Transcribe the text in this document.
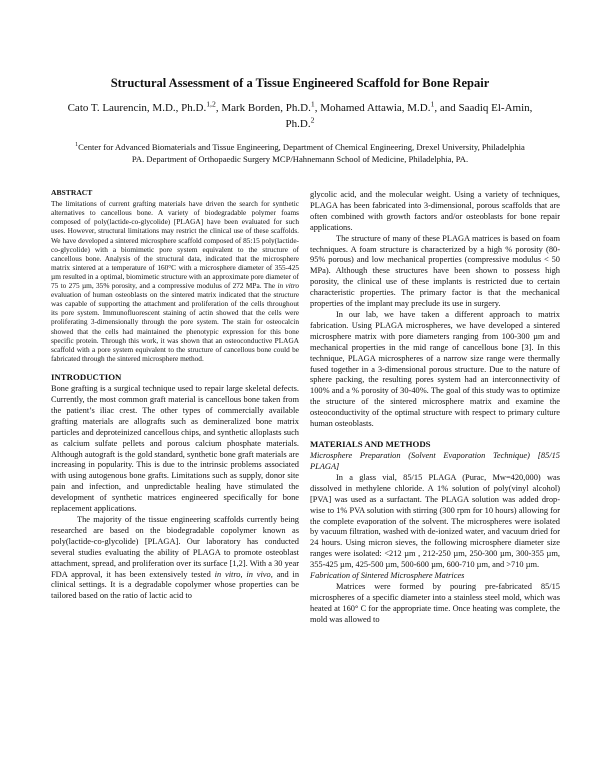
Structural Assessment of a Tissue Engineered Scaffold for Bone Repair

Cato T. Laurencin, M.D., Ph.D.$^{1,2}$, Mark Borden, Ph.D.$^1$, Mohamed Attawia, M.D.$^1$, and Saadiq El-Amin, Ph.D.$^2$

$^1$Center for Advanced Biomaterials and Tissue Engineering, Department of Chemical Engineering, Drexel University, Philadelphia PA. Department of Orthopaedic Surgery MCP/Hahnemann School of Medicine, Philadelphia, PA.

ABSTRACT

The limitations of current grafting materials have driven the search for synthetic alternatives to cancellous bone. A variety of biodegradable polymer foams composed of poly(lactide-co-glycolide) [PLAGA] have been evaluated for such uses. However, structural limitations may restrict the clinical use of these scaffolds. We have developed a sintered microsphere scaffold composed of 85:15 poly(lactide-co-glycolide) with a biomimetic pore system equivalent to the structure of cancellous bone. Analysis of the structural data, indicated that the microsphere matrix sintered at a temperature of 160°C with a microsphere diameter of 355-425 µm resulted in a optimal, biomimetic structure with an approximate pore diameter of 75 to 275 µm, 35% porosity, and a compressive modulus of 272 MPa. The in vitro evaluation of human osteoblasts on the sintered matrix indicated that the structure was capable of supporting the attachment and proliferation of the cells throughout its pore system. Immunofluorescent staining of actin showed that the cells were proliferating 3-dimensionally through the pore system. The stain for osteocalcin showed that the cells had maintained the phenotypic expression for this bone specific protein. Through this work, it was shown that an osteoconductive PLAGA scaffold with a pore system equivalent to the structure of cancellous bone could be fabricated through the sintered microsphere method.

INTRODUCTION

Bone grafting is a surgical technique used to repair large skeletal defects. Currently, the most common graft material is cancellous bone taken from the patient’s iliac crest. The other types of commercially available grafting materials are allografts such as demineralized bone matrix particles and deproteinized cancellous chips, and synthetic alloplasts such as calcium sulfate pellets and porous calcium phosphate materials. Although autograft is the gold standard, synthetic bone graft materials are increasing in popularity. This is due to the intrinsic problems associated with using autogenous bone grafts. Limitations such as supply, donor site pain and infection, and unpredictable healing have stimulated the development of synthetic matrices engineered specifically for bone replacement applications.

The majority of the tissue engineering scaffolds currently being researched are based on the biodegradable copolymer known as poly(lactide-co-glycolide) [PLAGA]. Our laboratory has conducted several studies evaluating the ability of PLAGA to promote osteoblast attachment, spread, and proliferation over its surface [1,2]. With a 30 year FDA approval, it has been extensively tested in vitro, in vivo, and in clinical settings. It is a degradable copolymer whose properties can be tailored based on the ratio of lactic acid to

glycolic acid, and the molecular weight. Using a variety of techniques, PLAGA has been fabricated into 3-dimensional, porous scaffolds that are often combined with growth factors and/or osteoblasts for bone repair applications.

The structure of many of these PLAGA matrices is based on foam techniques. A foam structure is characterized by a high % porosity (80-95% porous) and low mechanical properties (compressive modulus < 50 MPa). Although these structures have been shown to possess high porosity, the clinical use of these implants is restricted due to certain characteristic properties. The primary factor is that the mechanical properties of the implant may preclude its use in surgery.

In our lab, we have taken a different approach to matrix fabrication. Using PLAGA microspheres, we have developed a sintered microsphere matrix with pore diameters ranging from 100-300 µm and mechanical properties in the mid range of cancellous bone [3]. In this technique, PLAGA microspheres of a narrow size range were thermally fused together in a 3-dimensional porous structure. Due to the nature of sphere packing, the resulting pores system had an interconnectivity of 100% and a % porosity of 30-40%. The goal of this study was to optimize the structure of the sintered microsphere matrix and examine the osteoconductivity of the optimal structure with respect to primary culture human osteoblasts.

MATERIALS AND METHODS

Microsphere Preparation (Solvent Evaporation Technique) [85/15 PLAGA]

In a glass vial, 85/15 PLAGA (Purac, Mw=420,000) was dissolved in methylene chloride. A 1% solution of poly(vinyl alcohol) [PVA] was used as a surfactant. The PLAGA solution was added drop-wise to 1% PVA solution with stirring (300 rpm for 10 hours) allowing for the complete evaporation of the solvent. The microspheres were isolated by vacuum filtration, washed with de-ionized water, and vacuum dried for 24 hours. Using micron sieves, the following microsphere diameter size ranges were isolated: <212 µm , 212-250 µm, 250-300 µm, 300-355 µm, 355-425 µm, 425-500 µm, 500-600 µm, 600-710 µm, and >710 µm.

Fabrication of Sintered Microsphere Matrices

Matrices were formed by pouring pre-fabricated 85/15 microspheres of a specific diameter into a stainless steel mold, which was heated at 160° C for the appropriate time. Once heating was complete, the mold was allowed to
